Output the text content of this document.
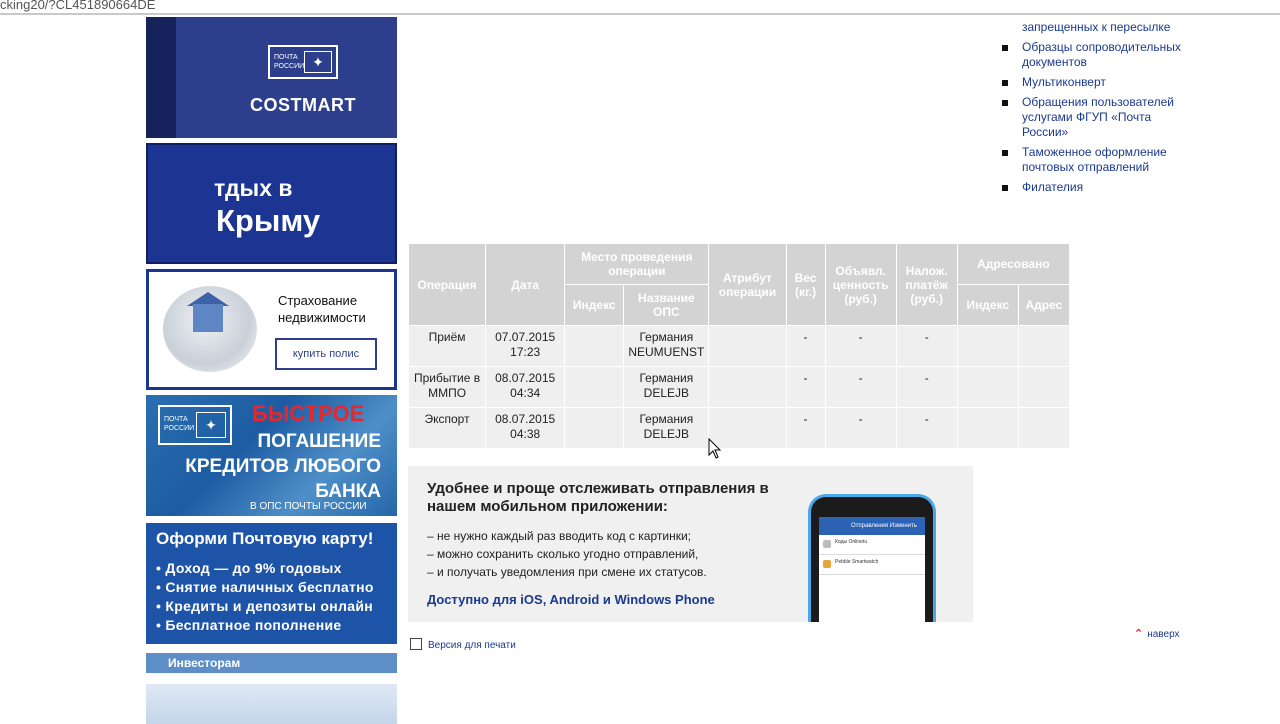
cking20/?CL451890664DE
ПОЧТА РОССИИ ✦
COSTMART
тдых в
Крыму
Страхование недвижимости
купить полис
ПОЧТА РОССИИ ✦	БЫСТРОЕ
ПОГАШЕНИЕ
КРЕДИТОВ ЛЮБОГО
БАНКА
В ОПС ПОЧТЫ РОССИИ
Оформи Почтовую карту!
• Доход — до 9% годовых
• Снятие наличных бесплатно
• Кредиты и депозиты онлайн
• Бесплатное пополнение
Инвесторам
запрещенных к пересылке
Образцы сопроводительных документов
Мультиконверт
Обращения пользователей услугами ФГУП «Почта России»
Таможенное оформление почтовых отправлений
Филателия
Операция	Дата	Место проведения операции		Атрибут операции	Вес (кг.)	Объявл. ценность (руб.)	Налож. платёж (руб.)	Адресовано	
		Индекс	Название ОПС					Индекс	Адрес
Приём	07.07.2015 17:23		Германия NEUMUENST		-	-	-		
Прибытие в ММПО	08.07.2015 04:34		Германия DELEJB		-	-	-		
Экспорт	08.07.2015 04:38		Германия DELEJB		-	-	-		
Удобнее и проще отслеживать отправления в нашем мобильном приложении:
– не нужно каждый раз вводить код с картинки;
– можно сохранить сколько угодно отправлений,
– и получать уведомления при смене их статусов.
Доступно для iOS, Android и Windows Phone
Отправления Изменить
Коды Onlinetu
Pebble Smartwatch
Версия для печати
⌃ наверх
